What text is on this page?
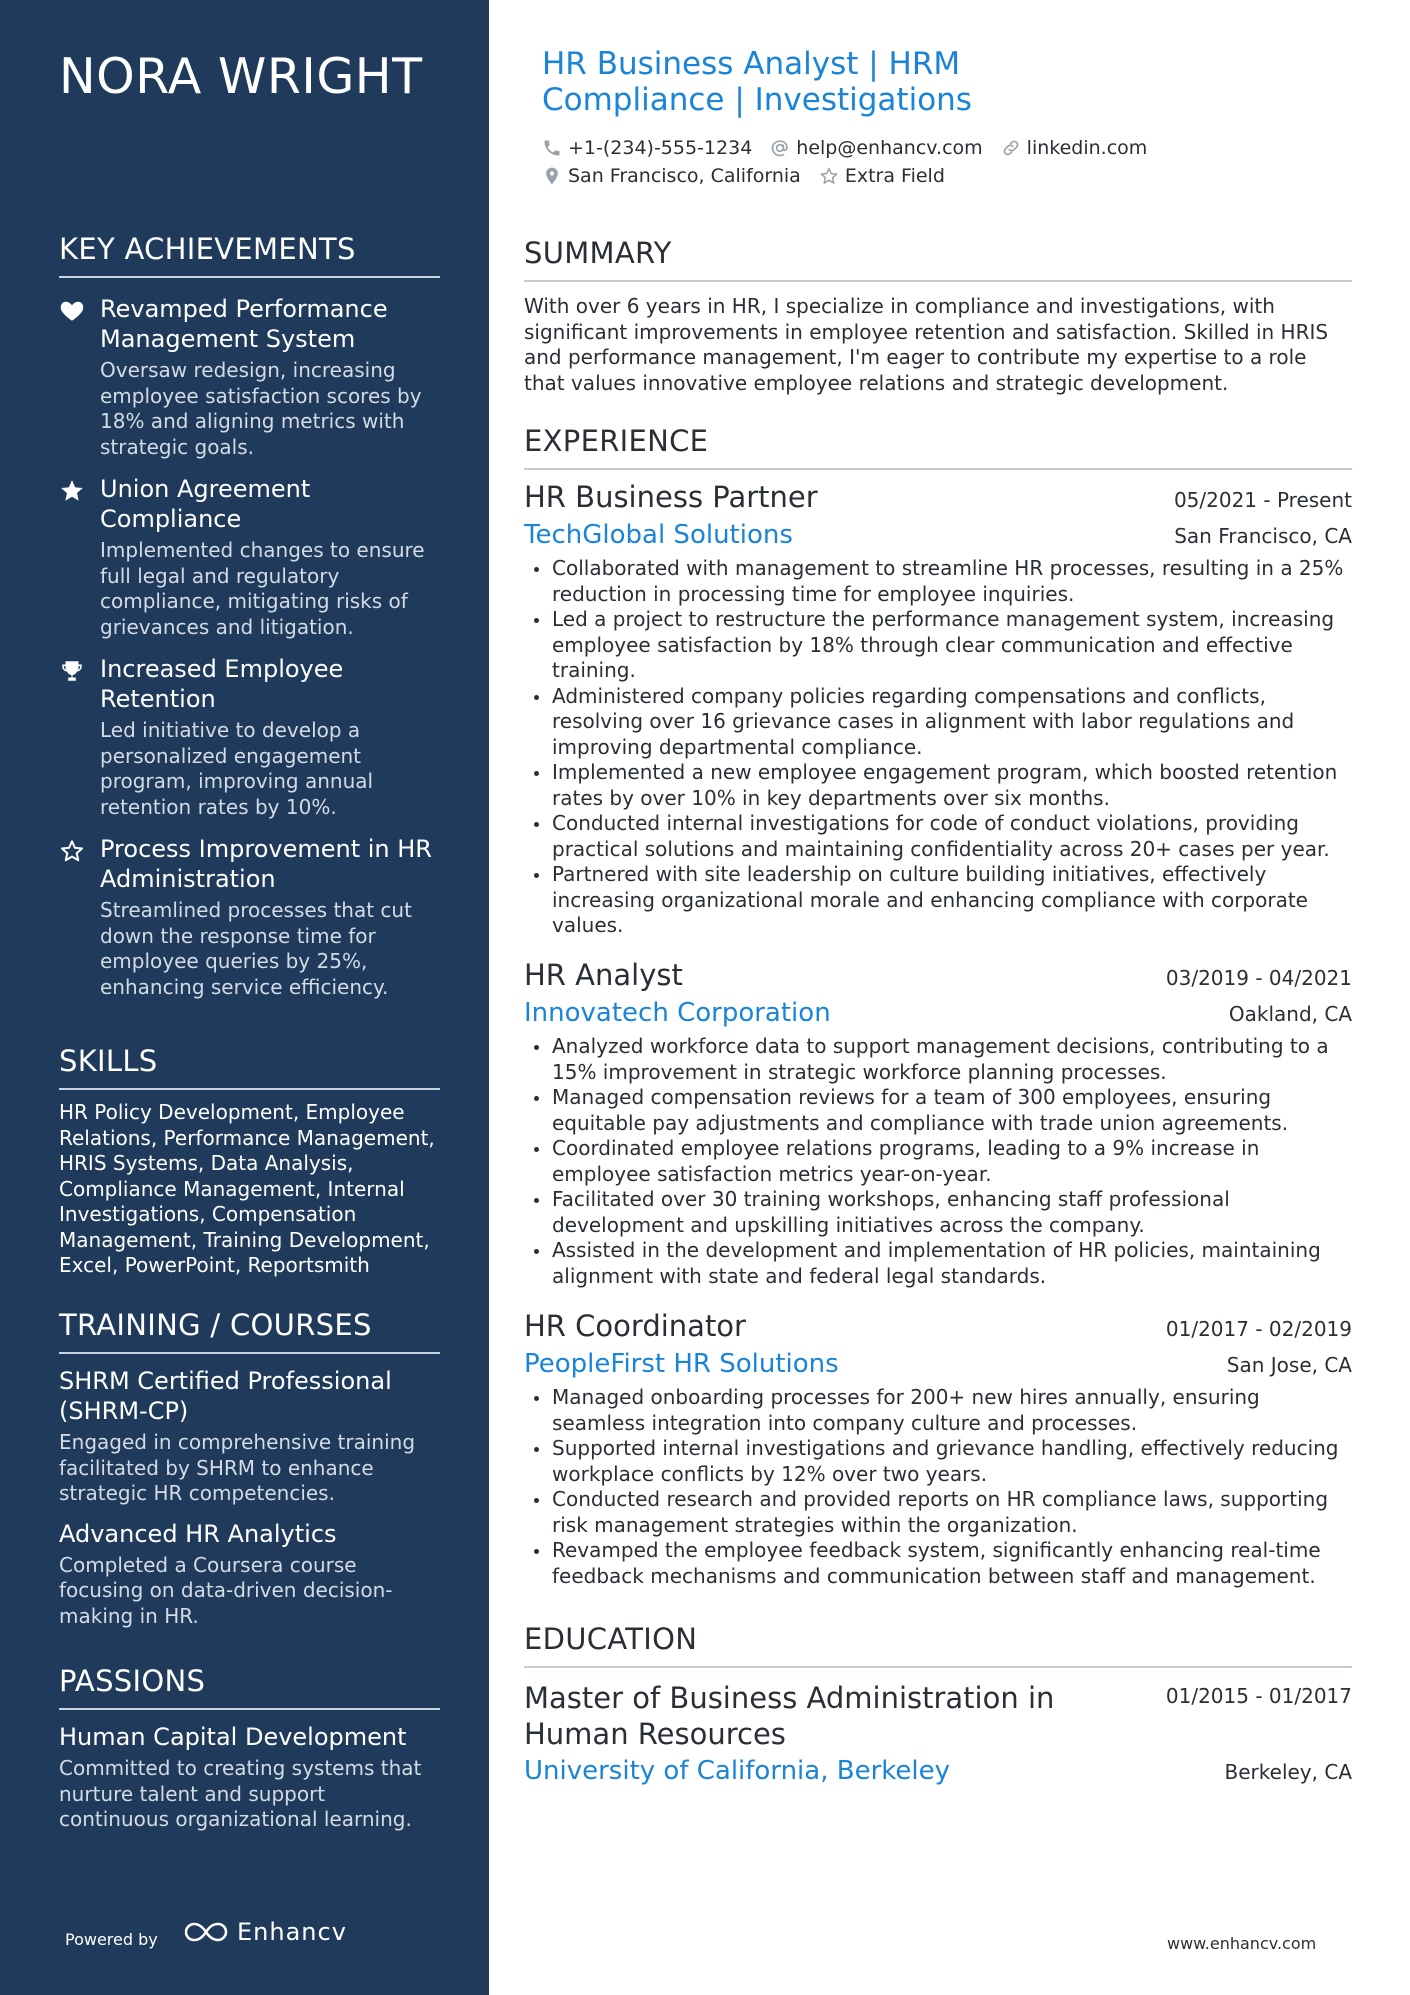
NORA WRIGHT
KEY ACHIEVEMENTS
Revamped Performance Management System
Oversaw redesign, increasing employee satisfaction scores by 18% and aligning metrics with strategic goals.
Union Agreement Compliance
Implemented changes to ensure full legal and regulatory compliance, mitigating risks of grievances and litigation.
Increased Employee Retention
Led initiative to develop a personalized engagement program, improving annual retention rates by 10%.
Process Improvement in HR Administration
Streamlined processes that cut down the response time for employee queries by 25%, enhancing service efficiency.
SKILLS
HR Policy Development, Employee Relations, Performance Management, HRIS Systems, Data Analysis, Compliance Management, Internal Investigations, Compensation Management, Training Development, Excel, PowerPoint, Reportsmith
TRAINING / COURSES
SHRM Certified Professional (SHRM-CP)
Engaged in comprehensive training facilitated by SHRM to enhance strategic HR competencies.
Advanced HR Analytics
Completed a Coursera course focusing on data-driven decision-making in HR.
PASSIONS
Human Capital Development
Committed to creating systems that nurture talent and support continuous organizational learning.
Powered by	Enhancv
HR Business Analyst | HRM Compliance | Investigations
+1-(234)-555-1234 help@enhancv.com linkedin.com
San Francisco, California Extra Field
SUMMARY
With over 6 years in HR, I specialize in compliance and investigations, with significant improvements in employee retention and satisfaction. Skilled in HRIS and performance management, I'm eager to contribute my expertise to a role that values innovative employee relations and strategic development.
EXPERIENCE
HR Business Partner	05/2021 - Present
TechGlobal Solutions	San Francisco, CA
Collaborated with management to streamline HR processes, resulting in a 25% reduction in processing time for employee inquiries.
Led a project to restructure the performance management system, increasing employee satisfaction by 18% through clear communication and effective training.
Administered company policies regarding compensations and conflicts, resolving over 16 grievance cases in alignment with labor regulations and improving departmental compliance.
Implemented a new employee engagement program, which boosted retention rates by over 10% in key departments over six months.
Conducted internal investigations for code of conduct violations, providing practical solutions and maintaining confidentiality across 20+ cases per year.
Partnered with site leadership on culture building initiatives, effectively increasing organizational morale and enhancing compliance with corporate values.
HR Analyst	03/2019 - 04/2021
Innovatech Corporation	Oakland, CA
Analyzed workforce data to support management decisions, contributing to a 15% improvement in strategic workforce planning processes.
Managed compensation reviews for a team of 300 employees, ensuring equitable pay adjustments and compliance with trade union agreements.
Coordinated employee relations programs, leading to a 9% increase in employee satisfaction metrics year-on-year.
Facilitated over 30 training workshops, enhancing staff professional development and upskilling initiatives across the company.
Assisted in the development and implementation of HR policies, maintaining alignment with state and federal legal standards.
HR Coordinator	01/2017 - 02/2019
PeopleFirst HR Solutions	San Jose, CA
Managed onboarding processes for 200+ new hires annually, ensuring seamless integration into company culture and processes.
Supported internal investigations and grievance handling, effectively reducing workplace conflicts by 12% over two years.
Conducted research and provided reports on HR compliance laws, supporting risk management strategies within the organization.
Revamped the employee feedback system, significantly enhancing real-time feedback mechanisms and communication between staff and management.
EDUCATION
Master of Business Administration in Human Resources
01/2015 - 01/2017
University of California, Berkeley	Berkeley, CA
www.enhancv.com
